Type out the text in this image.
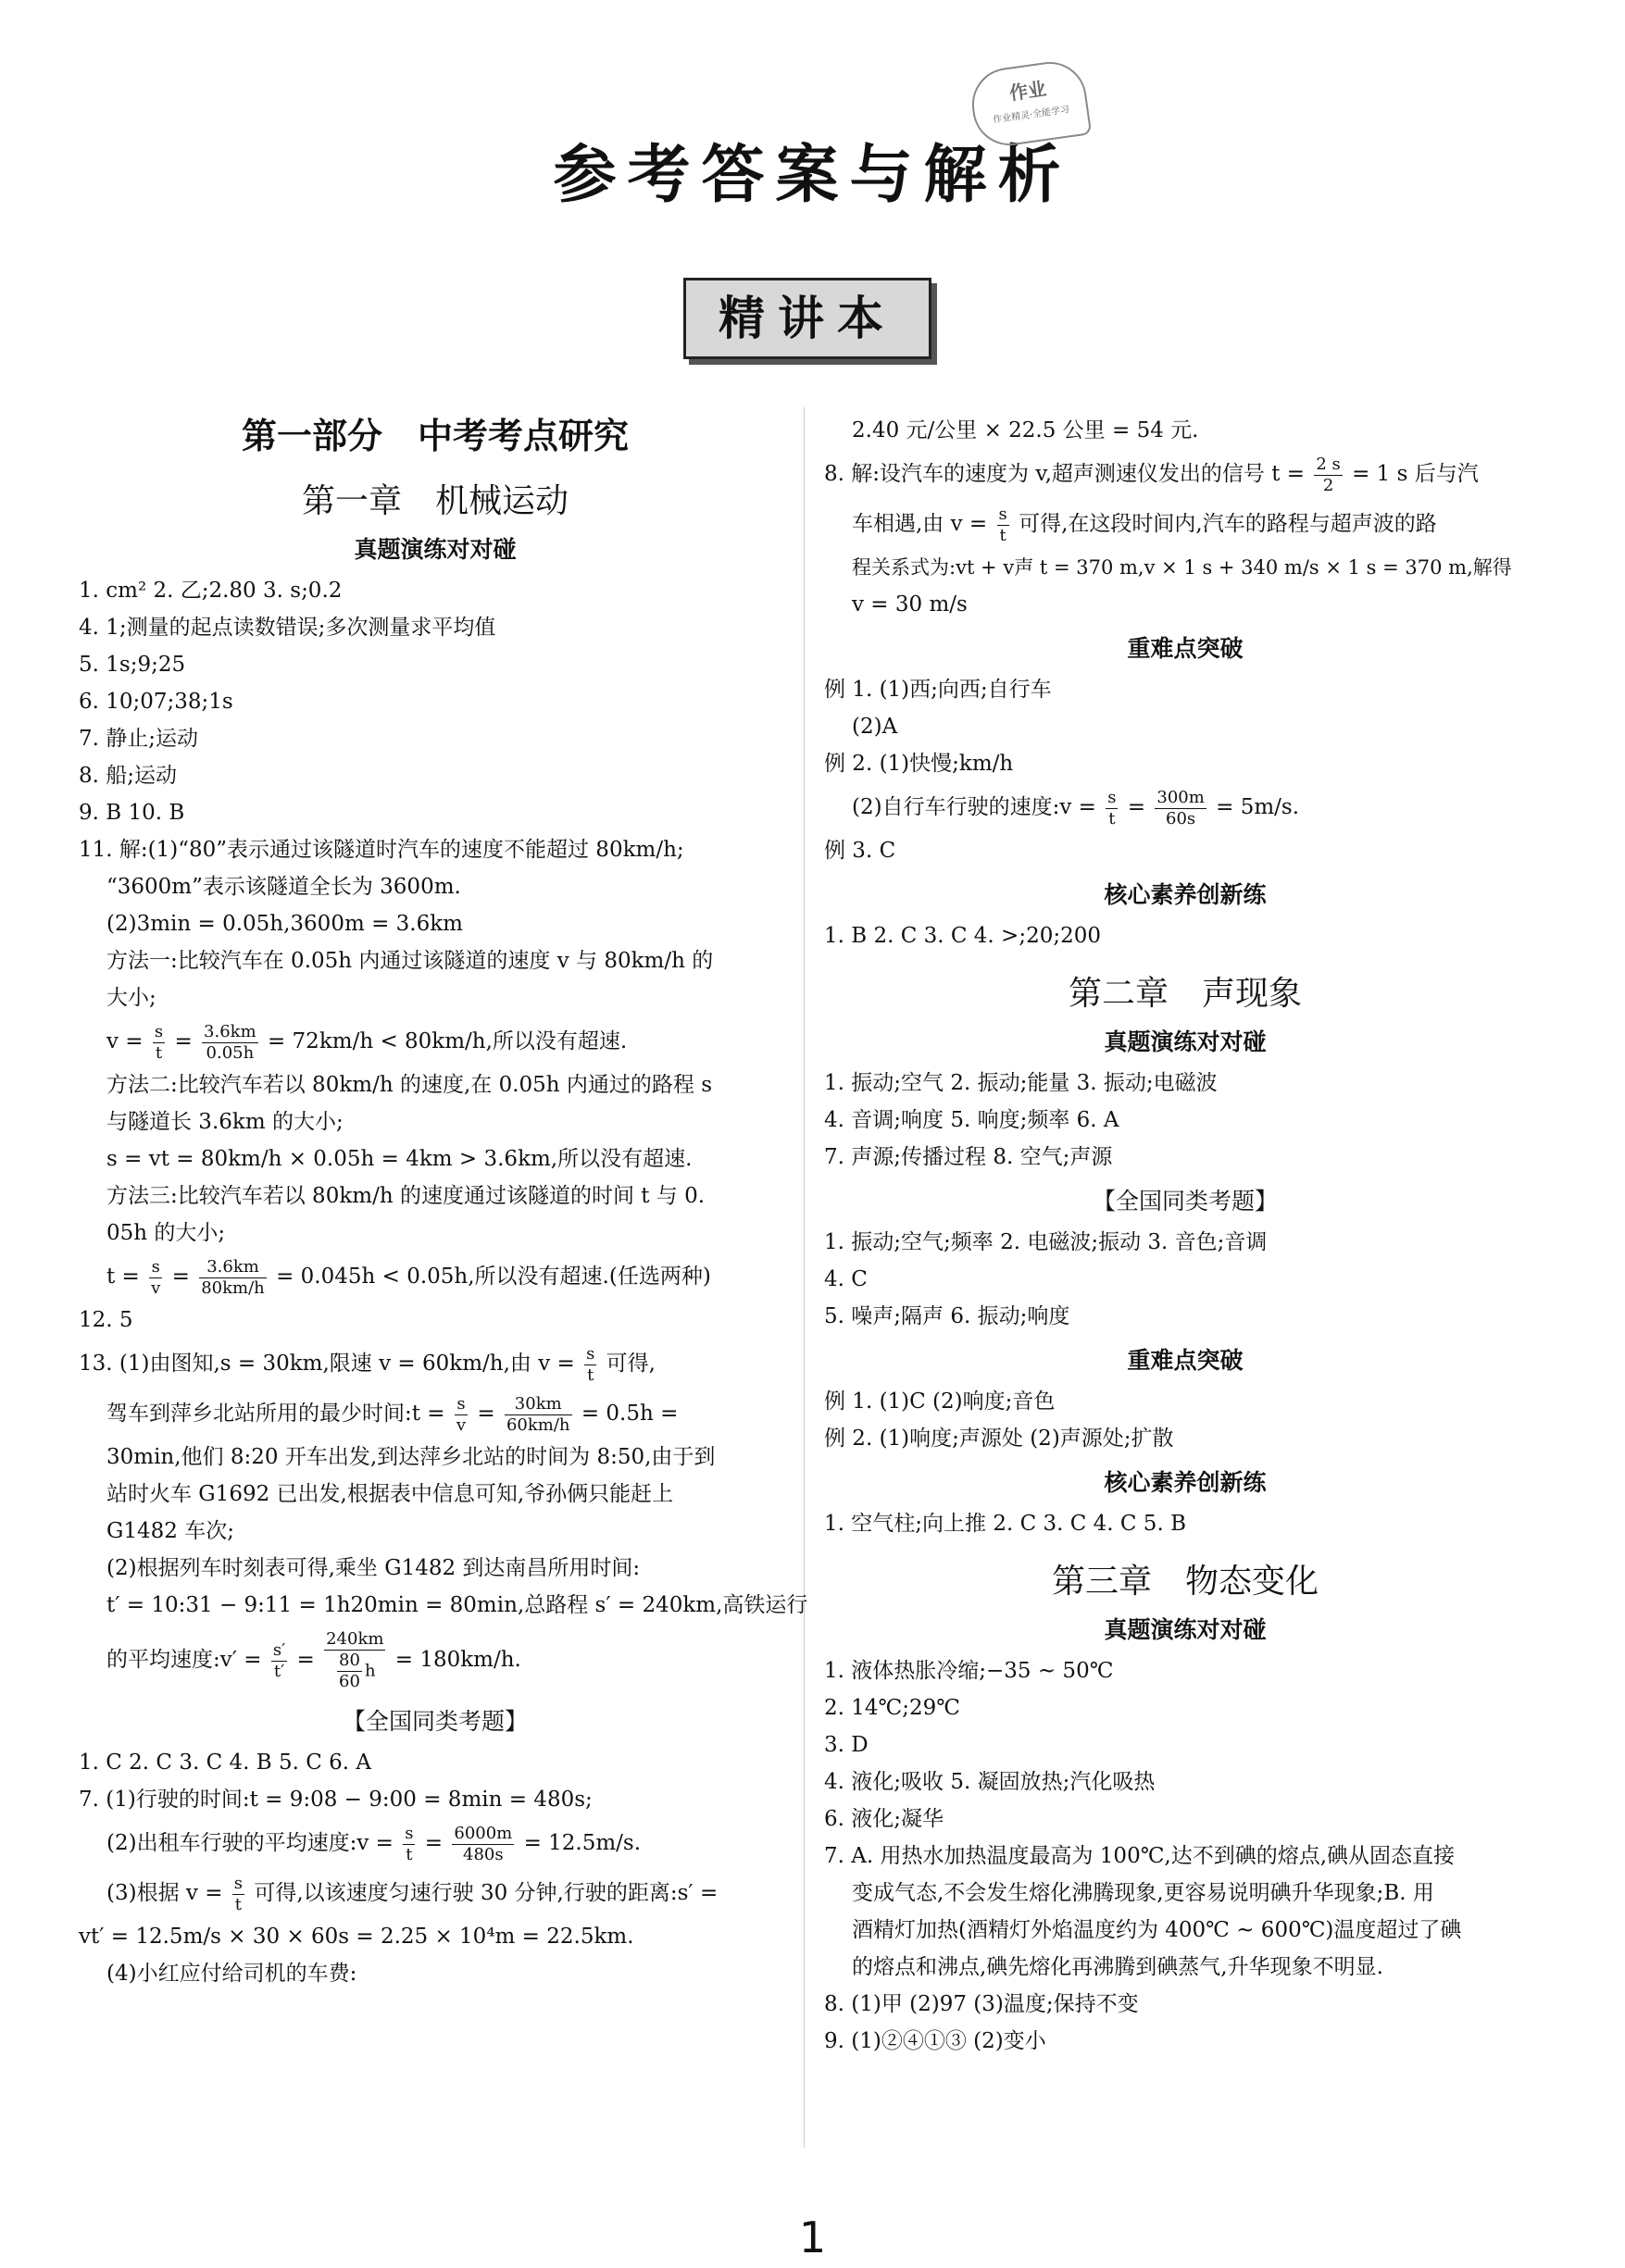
参考答案与解析
作业
作业精灵·全能学习
精讲本
第一部分　中考考点研究
第一章　机械运动
真题演练对对碰
1. cm² 2. 乙;2.80 3. s;0.2
4. 1;测量的起点读数错误;多次测量求平均值
5. 1s;9;25
6. 10;07;38;1s
7. 静止;运动
8. 船;运动
9. B 10. B
11. 解:(1)“80”表示通过该隧道时汽车的速度不能超过 80km/h;
“3600m”表示该隧道全长为 3600m.
(2)3min = 0.05h,3600m = 3.6km
方法一:比较汽车在 0.05h 内通过该隧道的速度 v 与 80km/h 的
大小;
$v = \frac{s}{t} = \frac{3.6km}{0.05h} = 72km/h < 80km/h$,所以没有超速.
方法二:比较汽车若以 80km/h 的速度,在 0.05h 内通过的路程 s
与隧道长 3.6km 的大小;
s = vt = 80km/h × 0.05h = 4km > 3.6km,所以没有超速.
方法三:比较汽车若以 80km/h 的速度通过该隧道的时间 t 与 0.
05h 的大小;
$t = \frac{s}{v} = \frac{3.6km}{80km/h} = 0.045h < 0.05h$,所以没有超速.(任选两种)
12. 5
13. (1)由图知,s = 30km,限速 v = 60km/h,由 $v = \frac{s}{t}$ 可得,
驾车到萍乡北站所用的最少时间:t = $\frac{s}{v} = \frac{30km}{60km/h} = 0.5h$ =
30min,他们 8:20 开车出发,到达萍乡北站的时间为 8:50,由于到
站时火车 G1692 已出发,根据表中信息可知,爷孙俩只能赶上
G1482 车次;
(2)根据列车时刻表可得,乘坐 G1482 到达南昌所用时间:
t′ = 10:31 − 9:11 = 1h20min = 80min,总路程 s′ = 240km,高铁运行
的平均速度:v′ = $\frac{s'}{t'} = \frac{240km}{\frac{80}{60} h} = 180km/h$.
【全国同类考题】
1. C 2. C 3. C 4. B 5. C 6. A
7. (1)行驶的时间:t = 9:08 − 9:00 = 8min = 480s;
(2)出租车行驶的平均速度:v = $\frac{s}{t} = \frac{6000m}{480s} = 12.5m/s$.
(3)根据 $v = \frac{s}{t}$ 可得,以该速度匀速行驶 30 分钟,行驶的距离:s′ =
vt′ = 12.5m/s × 30 × 60s = 2.25 × 10⁴m = 22.5km.
(4)小红应付给司机的车费:
2.40 元/公里 × 22.5 公里 = 54 元.
8. 解:设汽车的速度为 v,超声测速仪发出的信号 $t = \frac{2 s}{2} = 1$ s 后与汽
车相遇,由 $v = \frac{s}{t}$ 可得,在这段时间内,汽车的路程与超声波的路
程关系式为:vt + v声 t = 370 m,v × 1 s + 340 m/s × 1 s = 370 m,解得
v = 30 m/s
重难点突破
例 1. (1)西;向西;自行车
(2)A
例 2. (1)快慢;km/h
(2)自行车行驶的速度:v = $\frac{s}{t} = \frac{300m}{60s} = 5m/s$.
例 3. C
核心素养创新练
1. B 2. C 3. C 4. >;20;200
第二章　声现象
真题演练对对碰
1. 振动;空气 2. 振动;能量 3. 振动;电磁波
4. 音调;响度 5. 响度;频率 6. A
7. 声源;传播过程 8. 空气;声源
【全国同类考题】
1. 振动;空气;频率 2. 电磁波;振动 3. 音色;音调
4. C
5. 噪声;隔声 6. 振动;响度
重难点突破
例 1. (1)C (2)响度;音色
例 2. (1)响度;声源处 (2)声源处;扩散
核心素养创新练
1. 空气柱;向上推 2. C 3. C 4. C 5. B
第三章　物态变化
真题演练对对碰
1. 液体热胀冷缩;−35 ~ 50℃
2. 14℃;29℃
3. D
4. 液化;吸收 5. 凝固放热;汽化吸热
6. 液化;凝华
7. A. 用热水加热温度最高为 100℃,达不到碘的熔点,碘从固态直接
变成气态,不会发生熔化沸腾现象,更容易说明碘升华现象;B. 用
酒精灯加热(酒精灯外焰温度约为 400℃ ~ 600℃)温度超过了碘
的熔点和沸点,碘先熔化再沸腾到碘蒸气,升华现象不明显.
8. (1)甲 (2)97 (3)温度;保持不变
9. (1)②④①③ (2)变小
1
